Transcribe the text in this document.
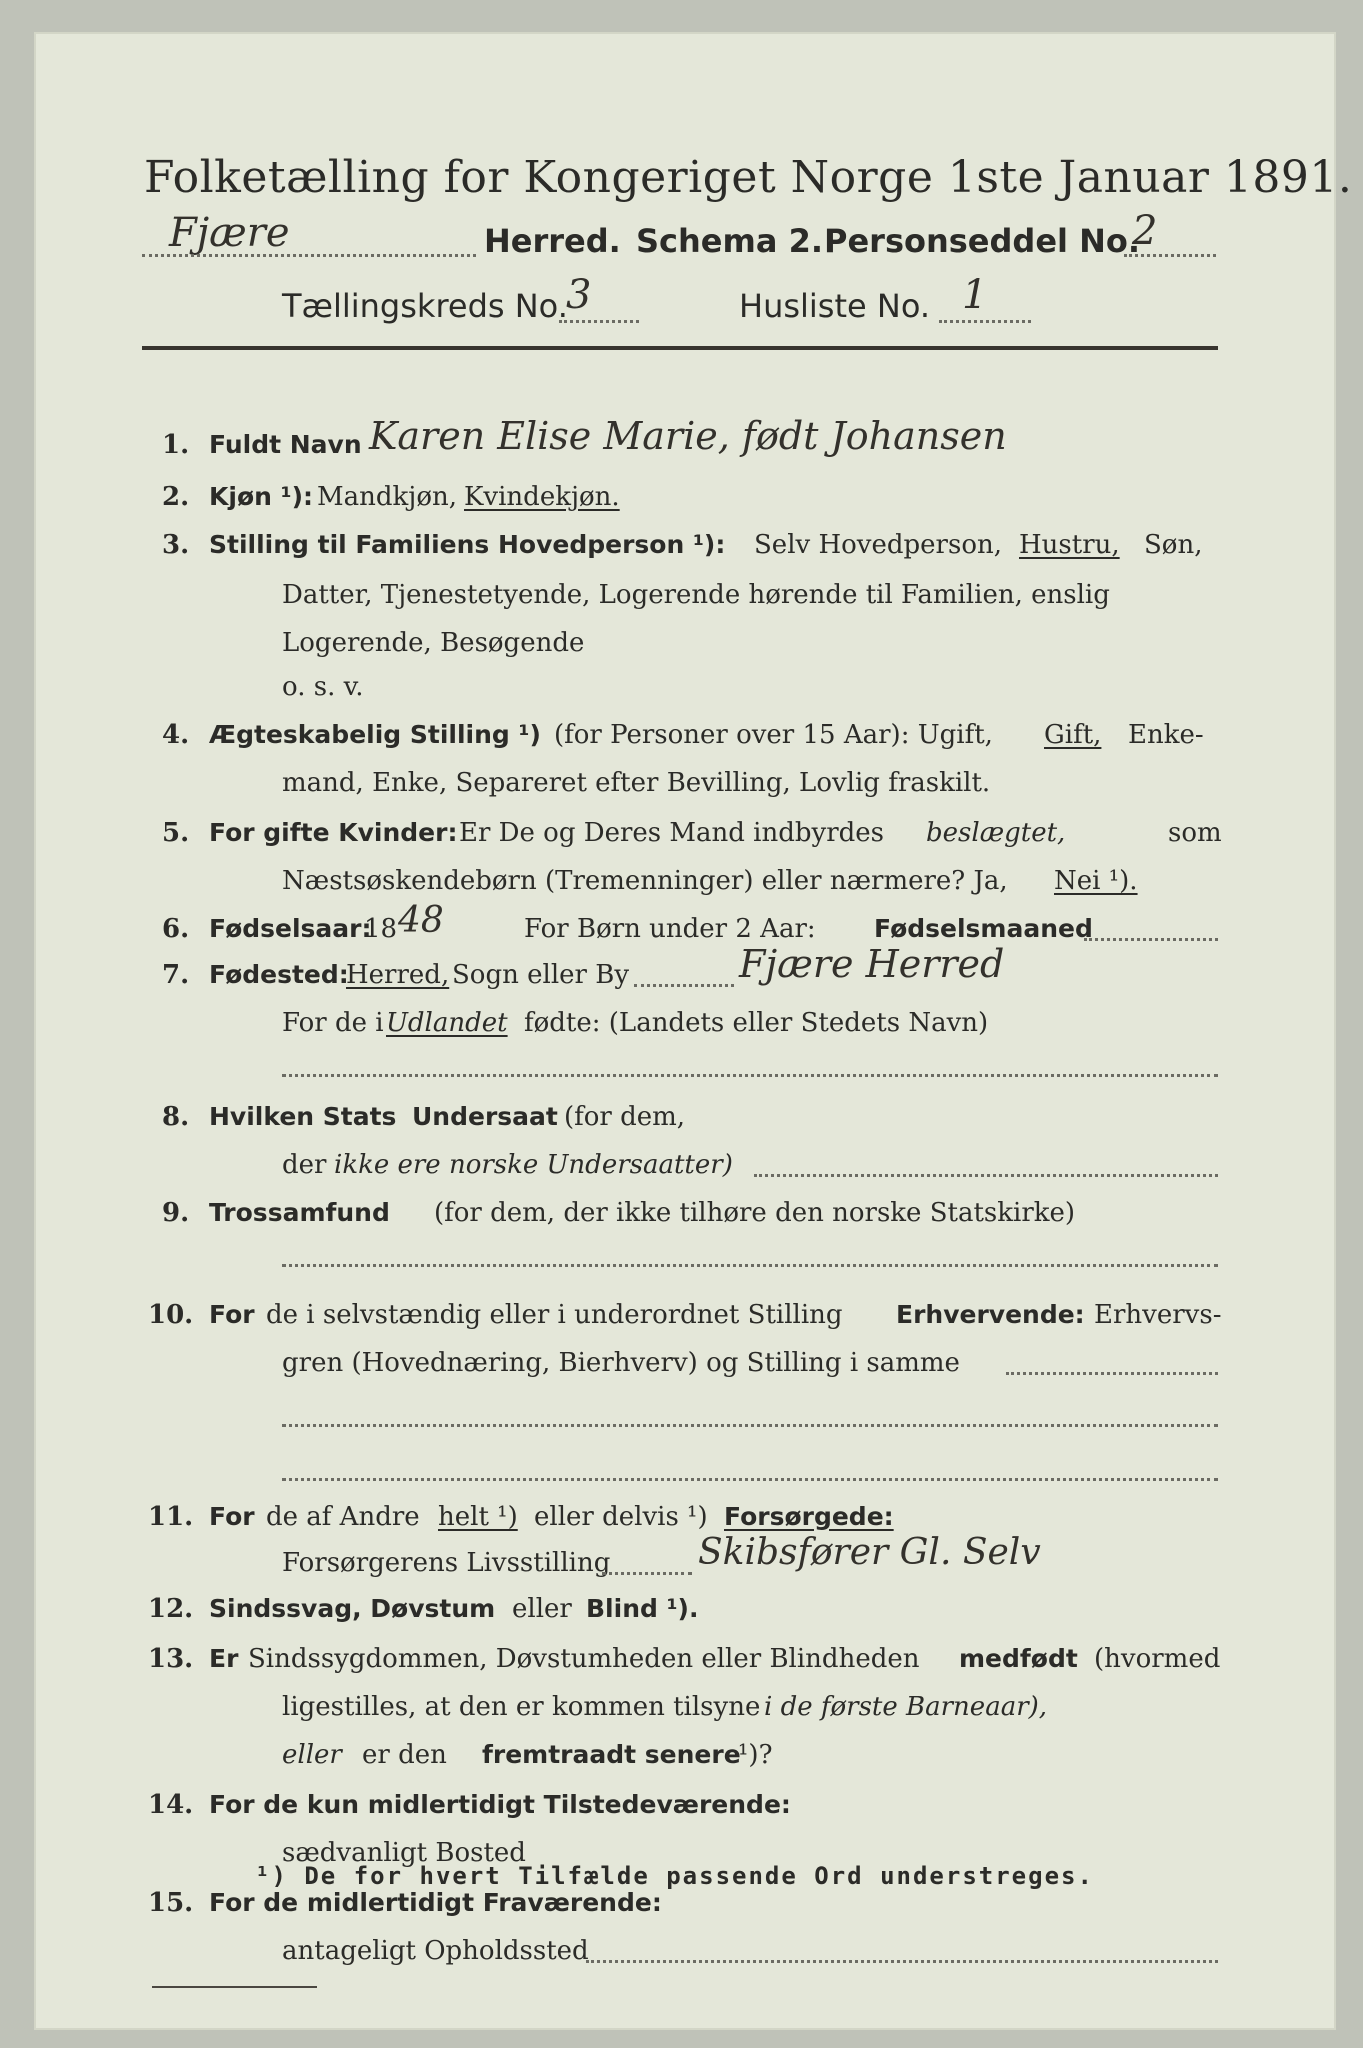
Folketælling for Kongeriget Norge 1ste Januar 1891.
Fjære	Herred. Schema 2. Personseddel No.
2
Tællingskreds No.
3	Husliste No. 1
1. Fuldt Navn Karen Elise Marie, født Johansen
2. Kjøn ¹): Mandkjøn, Kvindekjøn.
3. Stilling til Familiens Hovedperson ¹): Selv Hovedperson, Hustru, Søn,
Datter, Tjenestetyende, Logerende hørende til Familien, enslig
Logerende, Besøgende
o. s. v.
4. Ægteskabelig Stilling ¹) (for Personer over 15 Aar): Ugift, Gift, Enke-
mand, Enke, Separeret efter Bevilling, Lovlig fraskilt.
5. For gifte Kvinder: Er De og Deres Mand indbyrdes beslægtet,	som
Næstsøskendebørn (Tremenninger) eller nærmere? Ja, Nei ¹).
6. Fødselsaar:
18 48	For Børn under 2 Aar: Fødselsmaaned
7. Fødested:
Herred, Sogn eller By	Fjære Herred
For de i Udlandet fødte: (Landets eller Stedets Navn)
8. Hvilken Stats Undersaat (for dem,
der ikke ere norske Undersaatter)
9. Trossamfund (for dem, der ikke tilhøre den norske Statskirke)
10. For de i selvstændig eller i underordnet Stilling Erhvervende: Erhvervs-
gren (Hovednæring, Bierhverv) og Stilling i samme
11. For de af Andre helt ¹) eller delvis ¹) Forsørgede:
Forsørgerens Livsstilling Skibsfører Gl. Selv
12. Sindssvag, Døvstum eller Blind ¹).
13. Er Sindssygdommen, Døvstumheden eller Blindheden medfødt (hvormed
ligestilles, at den er kommen tilsyne i de første Barneaar),
eller er den fremtraadt senere
¹)?
14. For de kun midlertidigt Tilstedeværende:
sædvanligt Bosted
15. For de midlertidigt Fraværende:
antageligt Opholdssted
¹) De for hvert Tilfælde passende Ord understreges.
